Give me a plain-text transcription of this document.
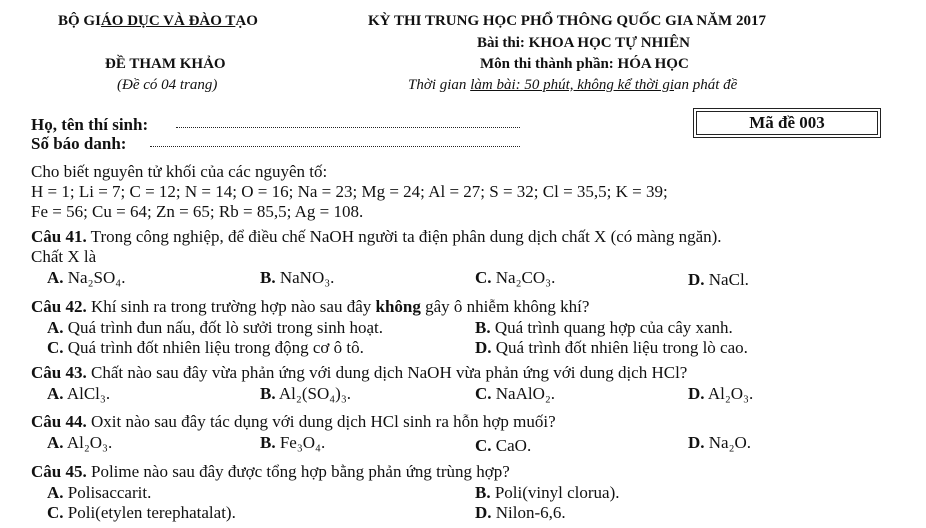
BỘ GIÁO DỤC VÀ ĐÀO TẠO
ĐỀ THAM KHẢO
(Đề có 04 trang)
KỲ THI TRUNG HỌC PHỔ THÔNG QUỐC GIA NĂM 2017
Bài thi: KHOA HỌC TỰ NHIÊN
Môn thi thành phần: HÓA HỌC
Thời gian làm bài: 50 phút, không kể thời gian phát đề
Họ, tên thí sinh:
Số báo danh:
Mã đề 003
Cho biết nguyên tử khối của các nguyên tố:
H = 1; Li = 7; C = 12; N = 14; O = 16; Na = 23; Mg = 24; Al = 27; S = 32; Cl = 35,5; K = 39;
Fe = 56; Cu = 64; Zn = 65; Rb = 85,5; Ag = 108.
Câu 41. Trong công nghiệp, để điều chế NaOH người ta điện phân dung dịch chất X (có màng ngăn).
Chất X là
A. Na₂SO₄.	B. NaNO₃.	C. Na₂CO₃.	D. NaCl.
Câu 42. Khí sinh ra trong trường hợp nào sau đây không gây ô nhiễm không khí?
A. Quá trình đun nấu, đốt lò sưởi trong sinh hoạt.	B. Quá trình quang hợp của cây xanh.
C. Quá trình đốt nhiên liệu trong động cơ ô tô.	D. Quá trình đốt nhiên liệu trong lò cao.
Câu 43. Chất nào sau đây vừa phản ứng với dung dịch NaOH vừa phản ứng với dung dịch HCl?
A. AlCl₃.	B. Al₂(SO₄)₃.	C. NaAlO₂.	D. Al₂O₃.
Câu 44. Oxit nào sau đây tác dụng với dung dịch HCl sinh ra hỗn hợp muối?
A. Al₂O₃.	B. Fe₃O₄.	C. CaO.	D. Na₂O.
Câu 45. Polime nào sau đây được tổng hợp bằng phản ứng trùng hợp?
A. Polisaccarit.	B. Poli(vinyl clorua).
C. Poli(etylen terephatalat).	D. Nilon-6,6.
